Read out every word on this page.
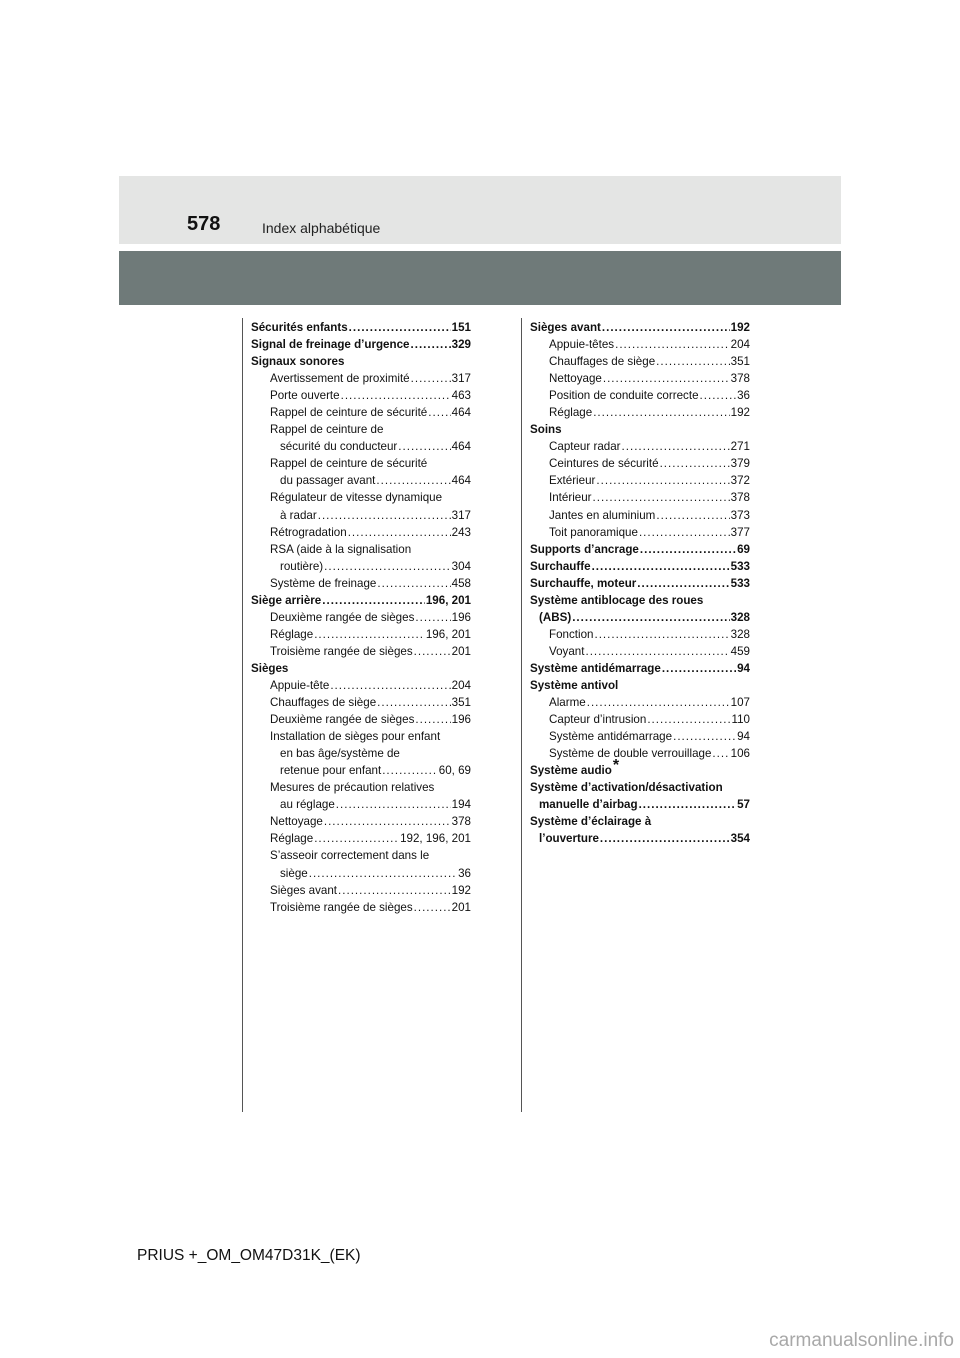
578	Index alphabétique
Sécurités enfants .....	151
Signal de freinage d’urgence .....	329
Signaux sonores
Avertissement de proximité .....	317
Porte ouverte .....	463
Rappel de ceinture de sécurité ..... 464
Rappel de ceinture de
sécurité du conducteur .....	464
Rappel de ceinture de sécurité
du passager avant .....	464
Régulateur de vitesse dynamique
à radar .....	317
Rétrogradation .....	243
RSA (aide à la signalisation
routière) .....	304
Système de freinage .....	458
Siège arrière .....	196, 201
Deuxième rangée de sièges .....	196
Réglage .....	196, 201
Troisième rangée de sièges .....	201
Sièges
Appuie-tête .....	204
Chauffages de siège .....	351
Deuxième rangée de sièges .....	196
Installation de sièges pour enfant
en bas âge/système de
retenue pour enfant .....	60, 69
Mesures de précaution relatives
au réglage .....	194
Nettoyage .....	378
Réglage .....	192, 196, 201
S’asseoir correctement dans le
siège .....	36
Sièges avant .....	192
Troisième rangée de sièges .....	201
Sièges avant .....	192
Appuie-têtes .....	204
Chauffages de siège .....	351
Nettoyage .....	378
Position de conduite correcte .....	36
Réglage .....	192
Soins
Capteur radar .....	271
Ceintures de sécurité .....	379
Extérieur .....	372
Intérieur .....	378
Jantes en aluminium .....	373
Toit panoramique .....	377
Supports d’ancrage .....	69
Surchauffe .....	533
Surchauffe, moteur .....	533
Système antiblocage des roues
(ABS) .....	328
Fonction .....	328
Voyant .....	459
Système antidémarrage .....	94
Système antivol
Alarme .....	107
Capteur d’intrusion .....	110
Système antidémarrage .....	94
Système de double verrouillage ..... 106
Système audio*
Système d’activation/désactivation
manuelle d’airbag .....	57
Système d’éclairage à
l’ouverture .....	354
PRIUS +_OM_OM47D31K_(EK)
carmanualsonline.info
